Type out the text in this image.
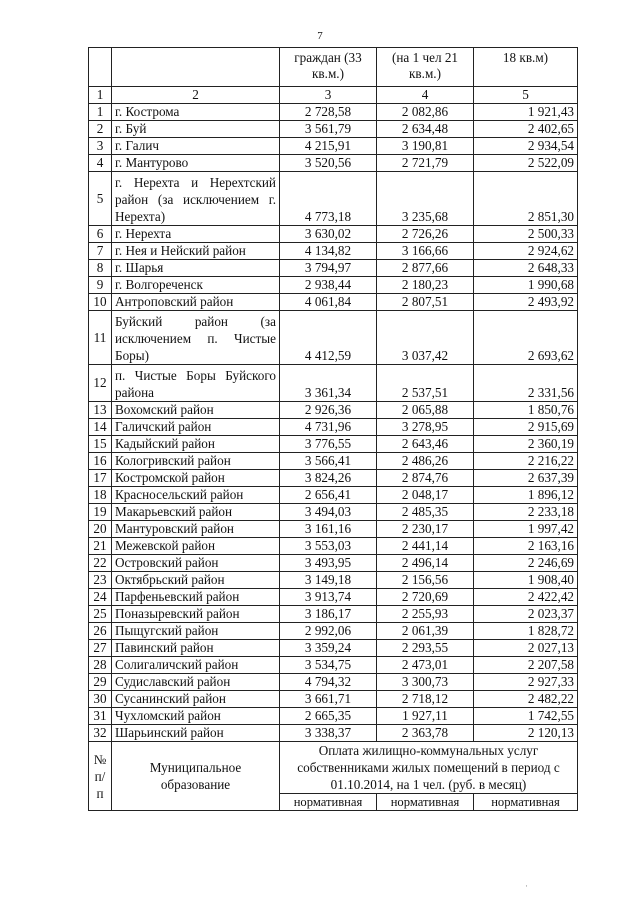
7
		граждан (33 кв.м.)	(на 1 чел 21 кв.м.)	18 кв.м)
1	2	3	4	5
1	г. Кострома	2 728,58	2 082,86	1 921,43
2	г. Буй	3 561,79	2 634,48	2 402,65
3	г. Галич	4 215,91	3 190,81	2 934,54
4	г. Мантурово	3 520,56	2 721,79	2 522,09
5	г. Нерехта и Нерехтский район (за исключением г. Нерехта)	4 773,18	3 235,68	2 851,30
6	г. Нерехта	3 630,02	2 726,26	2 500,33
7	г. Нея и Нейский район	4 134,82	3 166,66	2 924,62
8	г. Шарья	3 794,97	2 877,66	2 648,33
9	г. Волгореченск	2 938,44	2 180,23	1 990,68
10	Антроповский район	4 061,84	2 807,51	2 493,92
11	Буйский район (за исключением п. Чистые Боры)	4 412,59	3 037,42	2 693,62
12	п. Чистые Боры Буйского района	3 361,34	2 537,51	2 331,56
13	Вохомский район	2 926,36	2 065,88	1 850,76
14	Галичский район	4 731,96	3 278,95	2 915,69
15	Кадыйский район	3 776,55	2 643,46	2 360,19
16	Кологривский район	3 566,41	2 486,26	2 216,22
17	Костромской район	3 824,26	2 874,76	2 637,39
18	Красносельский район	2 656,41	2 048,17	1 896,12
19	Макарьевский район	3 494,03	2 485,35	2 233,18
20	Мантуровский район	3 161,16	2 230,17	1 997,42
21	Межевской район	3 553,03	2 441,14	2 163,16
22	Островский район	3 493,95	2 496,14	2 246,69
23	Октябрьский район	3 149,18	2 156,56	1 908,40
24	Парфеньевский район	3 913,74	2 720,69	2 422,42
25	Поназыревский район	3 186,17	2 255,93	2 023,37
26	Пыщугский район	2 992,06	2 061,39	1 828,72
27	Павинский район	3 359,24	2 293,55	2 027,13
28	Солигаличский район	3 534,75	2 473,01	2 207,58
29	Судиславский район	4 794,32	3 300,73	2 927,33
30	Сусанинский район	3 661,71	2 718,12	2 482,22
31	Чухломский район	2 665,35	1 927,11	1 742,55
32	Шарьинский район	3 338,37	2 363,78	2 120,13
№ п/п	Муниципальное образование	Оплата жилищно-коммунальных услуг собственниками жилых помещений в период с 01.10.2014, на 1 чел. (руб. в месяц)		
		нормативная	нормативная	нормативная
·
